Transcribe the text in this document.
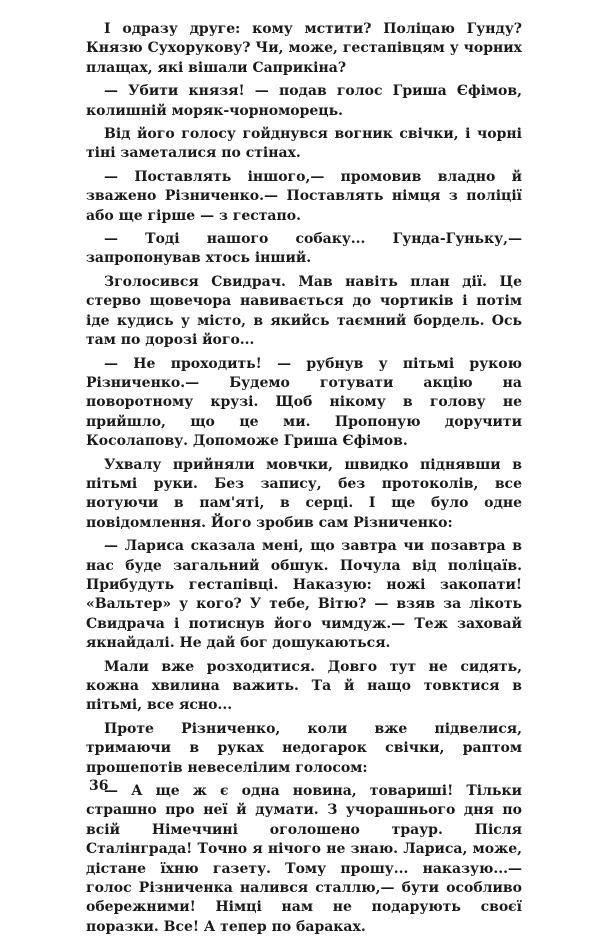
І одразу друге: кому мстити? Поліцаю Гунду? Князю Сухорукову? Чи, може, гестапівцям у чорних плащах, які вішали Саприкіна?

— Убити князя! — подав голос Гриша Єфімов, колишній моряк-чорноморець.

Від його голосу гойднувся вогник свічки, і чорні тіні заметалися по стінах.

— Поставлять іншого,— промовив владно й зважено Різниченко.— Поставлять німця з поліції або ще гірше — з гестапо.

— Тоді нашого собаку... Гунда-Гуньку,— запропонував хтось інший.

Зголосився Свидрач. Мав навіть план дії. Це стерво щовечора навивається до чортиків і потім іде кудись у місто, в якийсь таємний бордель. Ось там по дорозі його...

— Не проходить! — рубнув у пітьмі рукою Різниченко.— Будемо готувати акцію на поворотному крузі. Щоб нікому в голову не прийшло, що це ми. Пропоную доручити Косолапову. Допоможе Гриша Єфімов.

Ухвалу прийняли мовчки, швидко піднявши в пітьмі руки. Без запису, без протоколів, все нотуючи в пам'яті, в серці. І ще було одне повідомлення. Його зробив сам Різниченко:

— Лариса сказала мені, що завтра чи позавтра в нас буде загальний обшук. Почула від поліцаїв. Прибудуть гестапівці. Наказую: ножі закопати! «Вальтер» у кого? У тебе, Вітю? — взяв за лікоть Свидрача і потиснув його чимдуж.— Теж заховай якнайдалі. Не дай бог дошукаються.

Мали вже розходитися. Довго тут не сидять, кожна хвилина важить. Та й нащо товктися в пітьмі, все ясно...

Проте Різниченко, коли вже підвелися, тримаючи в руках недогарок свічки, раптом прошепотів невеселілим голосом:

— А ще ж є одна новина, товариші! Тільки страшно про неї й думати. З учорашнього дня по всій Німеччині оголошено траур. Після Сталінграда! Точно я нічого не знаю. Лариса, може, дістане їхню газету. Тому прошу... наказую...— голос Різниченка налився сталлю,— бути особливо обережними! Німці нам не подарують своєї поразки. Все! А тепер по бараках.

36
